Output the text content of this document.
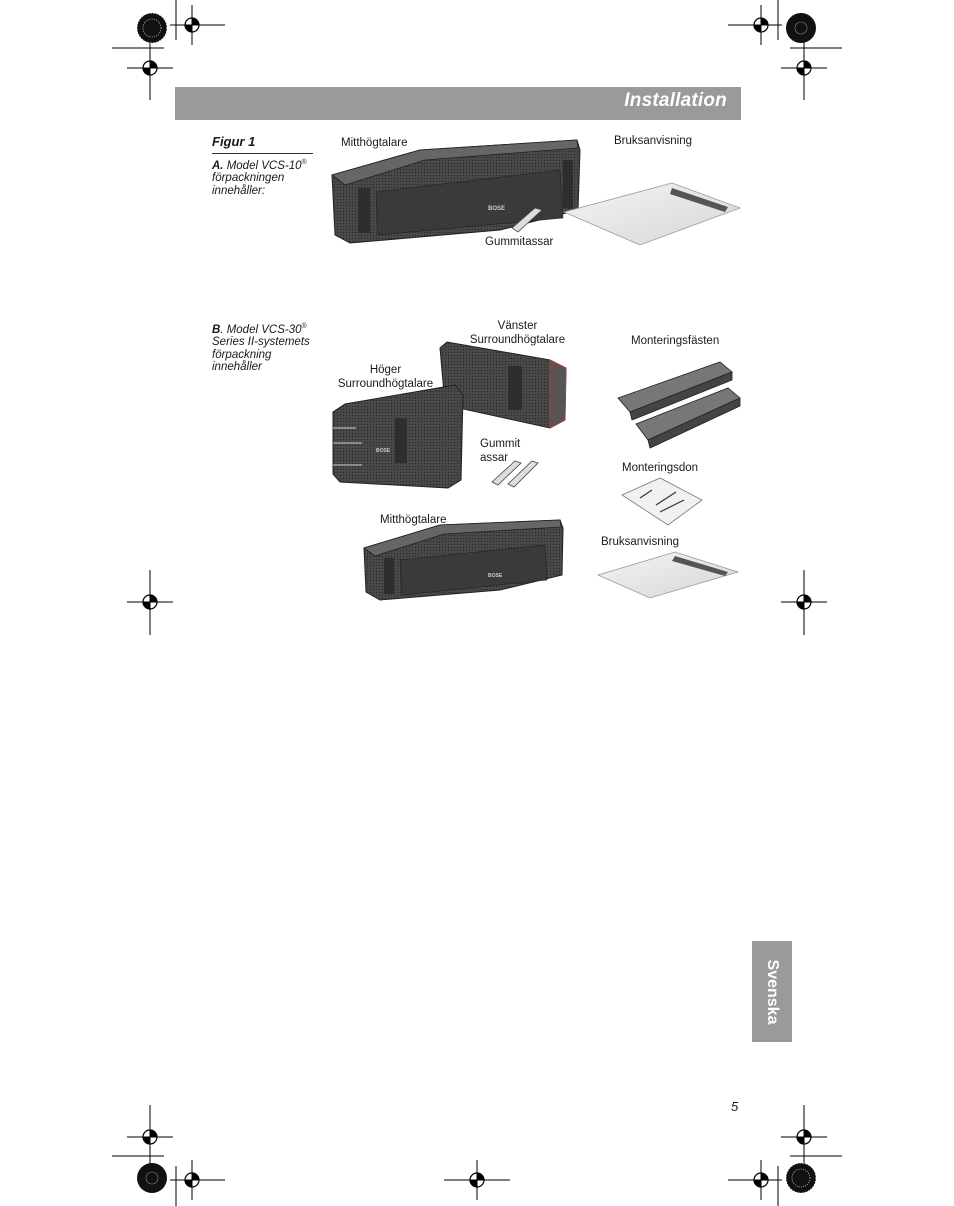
Installation
Figur 1
A. Model VCS-10® förpackningen innehåller:
B. Model VCS-30® Series II-systemets förpackning innehåller
BOSE
BOSE
BOSE
Mitthögtalare	Bruksanvisning
Gummitassar
Vänster
Surroundhögtalare
Höger
Surroundhögtalare
Gummit
assar
Monteringsfästen
Monteringsdon
Bruksanvisning
Mitthögtalare
Svenska
5
